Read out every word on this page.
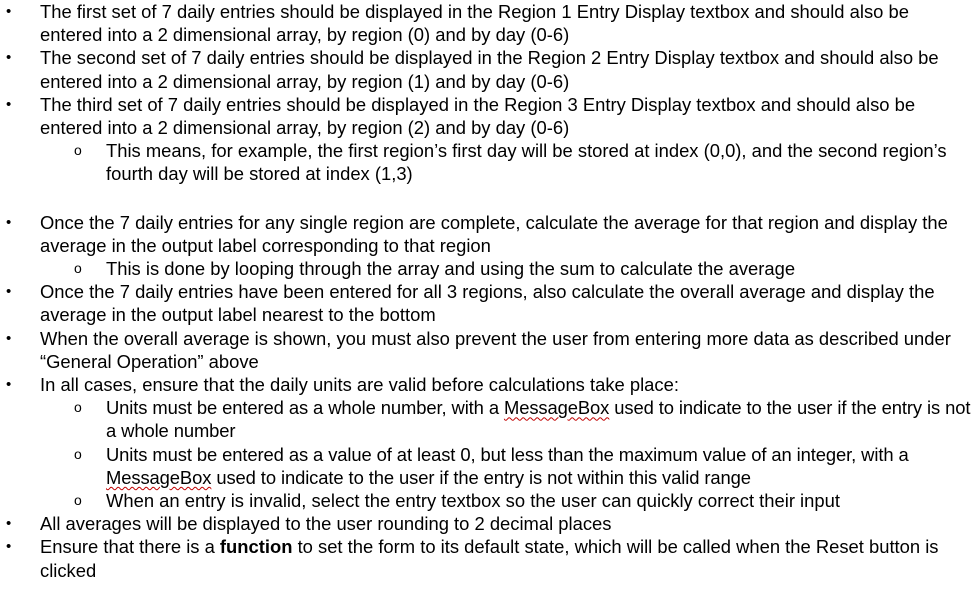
• The first set of 7 daily entries should be displayed in the Region 1 Entry Display textbox and should also be entered into a 2 dimensional array, by region (0) and by day (0-6)
• The second set of 7 daily entries should be displayed in the Region 2 Entry Display textbox and should also be entered into a 2 dimensional array, by region (1) and by day (0-6)
• The third set of 7 daily entries should be displayed in the Region 3 Entry Display textbox and should also be entered into a 2 dimensional array, by region (2) and by day (0-6)
o This means, for example, the first region’s first day will be stored at index (0,0), and the second region’s fourth day will be stored at index (1,3)
• Once the 7 daily entries for any single region are complete, calculate the average for that region and display the average in the output label corresponding to that region
o This is done by looping through the array and using the sum to calculate the average
• Once the 7 daily entries have been entered for all 3 regions, also calculate the overall average and display the average in the output label nearest to the bottom
• When the overall average is shown, you must also prevent the user from entering more data as described under “General Operation” above
• In all cases, ensure that the daily units are valid before calculations take place:
o Units must be entered as a whole number, with a MessageBox used to indicate to the user if the entry is not a whole number
o Units must be entered as a value of at least 0, but less than the maximum value of an integer, with a MessageBox used to indicate to the user if the entry is not within this valid range
o When an entry is invalid, select the entry textbox so the user can quickly correct their input
• All averages will be displayed to the user rounding to 2 decimal places
• Ensure that there is a function to set the form to its default state, which will be called when the Reset button is clicked
